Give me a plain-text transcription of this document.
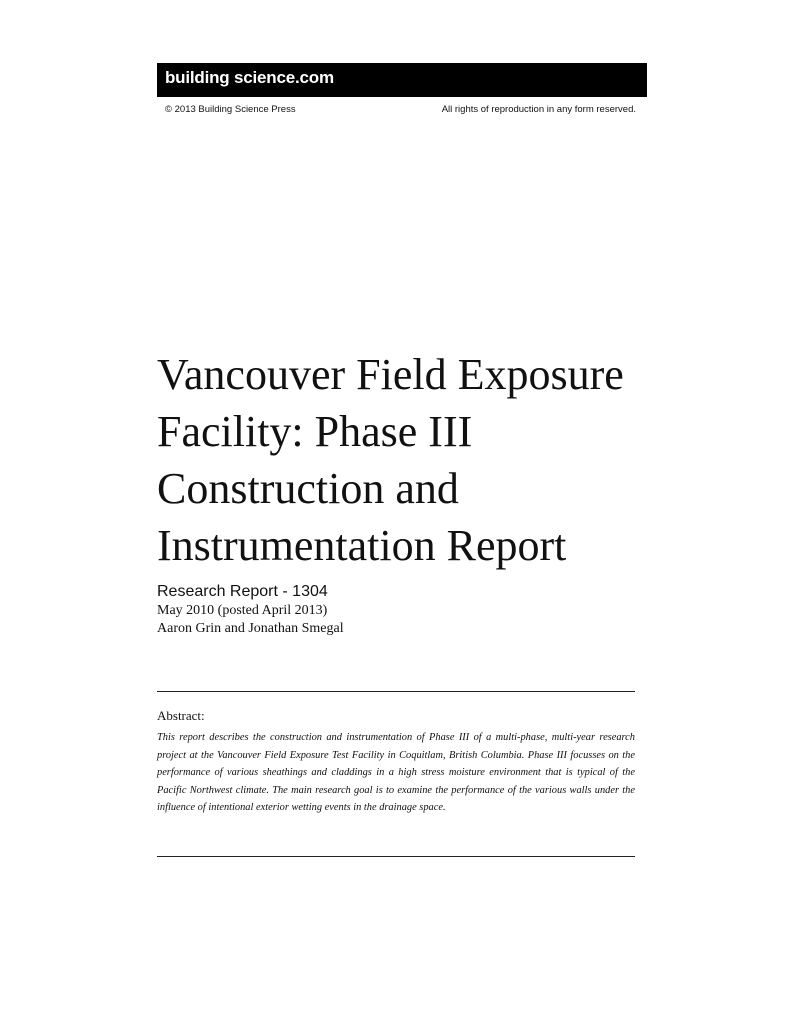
building science.com
© 2013 Building Science Press	All rights of reproduction in any form reserved.
Vancouver Field Exposure
Facility: Phase III
Construction and
Instrumentation Report
Research Report - 1304
May 2010 (posted April 2013)
Aaron Grin and Jonathan Smegal
Abstract:

This report describes the construction and instrumentation of Phase III of a multi-phase, multi-year research project at the Vancouver Field Exposure Test Facility in Coquitlam, British Columbia. Phase III focusses on the performance of various sheathings and claddings in a high stress moisture environment that is typical of the Pacific Northwest climate. The main research goal is to examine the performance of the various walls under the influence of intentional exterior wetting events in the drainage space.
